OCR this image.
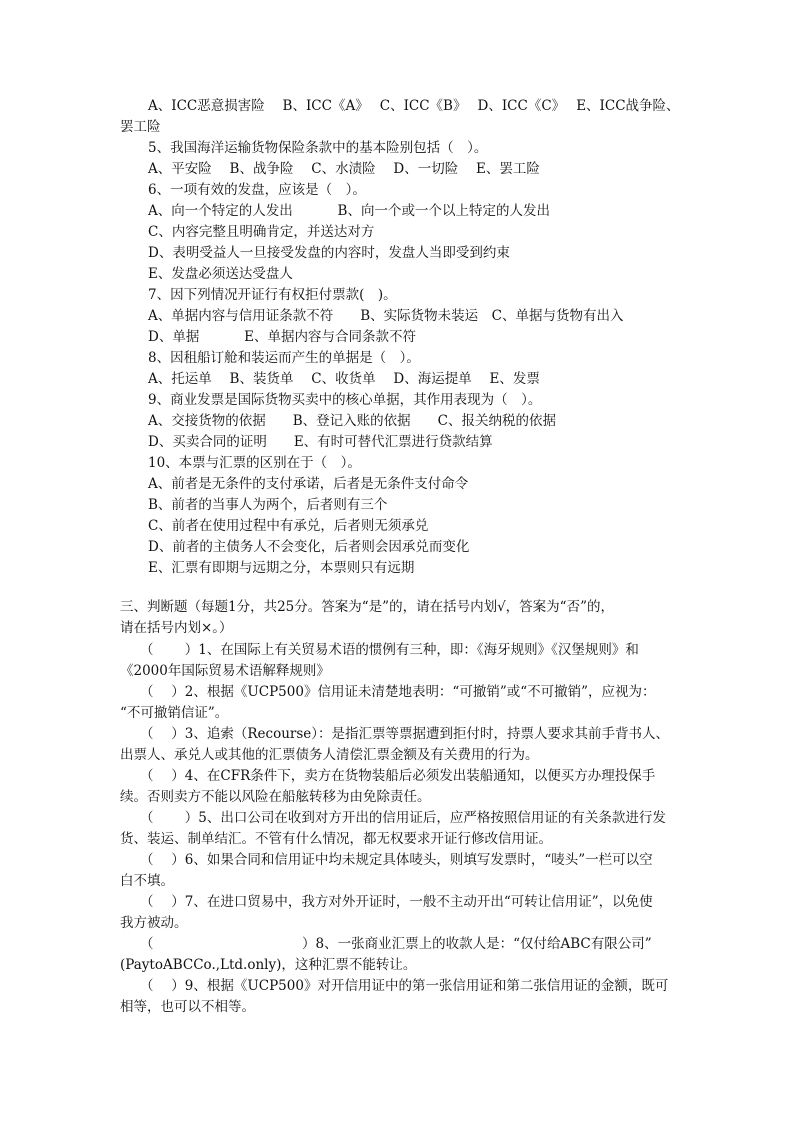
A、ICC恶意损害险　 B、ICC《A》　 C、ICC《B》　 D、ICC《C》　 E、ICC战争险、
罢工险
5、我国海洋运输货物保险条款中的基本险别包括（　）。
A、平安险　 B、战争险　 C、水渍险　 D、一切险　 E、罢工险
6、一项有效的发盘，应该是（　）。
A、向一个特定的人发出　　　 B、向一个或一个以上特定的人发出
C、内容完整且明确肯定，并送达对方
D、表明受益人一旦接受发盘的内容时，发盘人当即受到约束
E、发盘必须送达受盘人
7、因下列情况开证行有权拒付票款(　)。
A、单据内容与信用证条款不符　　B、实际货物未装运　C、单据与货物有出入
D、单据　　　 E、单据内容与合同条款不符
8、因租船订舱和装运而产生的单据是（　）。
A、托运单　 B、装货单　 C、收货单　 D、海运提单　 E、发票
9、商业发票是国际货物买卖中的核心单据，其作用表现为（　）。
A、交接货物的依据　　B、登记入账的依据　　C、报关纳税的依据
D、买卖合同的证明　　E、有时可替代汇票进行贷款结算
10、本票与汇票的区别在于（　）。
A、前者是无条件的支付承诺，后者是无条件支付命令
B、前者的当事人为两个，后者则有三个
C、前者在使用过程中有承兑，后者则无须承兑
D、前者的主债务人不会变化，后者则会因承兑而变化
E、汇票有即期与远期之分，本票则只有远期
三、判断题（每题1分，共25分。答案为“是”的，请在括号内划√，答案为“否”的，
请在括号内划×。）
（　　 ）1、在国际上有关贸易术语的惯例有三种，即：《海牙规则》《汉堡规则》和
《2000年国际贸易术语解释规则》
（　 ）2、根据《UCP500》信用证未清楚地表明：“可撤销”或“不可撤销”，应视为：
“不可撤销信证”。
（　 ）3、追索（Recourse）：是指汇票等票据遭到拒付时，持票人要求其前手背书人、
出票人、承兑人或其他的汇票债务人清偿汇票金额及有关费用的行为。
（　 ）4、在CFR条件下，卖方在货物装船后必须发出装船通知，以便买方办理投保手
续。否则卖方不能以风险在船舷转移为由免除责任。
（　　 ）5、出口公司在收到对方开出的信用证后，应严格按照信用证的有关条款进行发
货、装运、制单结汇。不管有什么情况，都无权要求开证行修改信用证。
（　 ）6、如果合同和信用证中均未规定具体唛头，则填写发票时，“唛头”一栏可以空
白不填。
（　 ）7、在进口贸易中，我方对外开证时，一般不主动开出“可转让信用证”，以免使
我方被动。
（　　　　　　　　　　　）8、一张商业汇票上的收款人是：“仅付给ABC有限公司”
(PaytoABCCo.,Ltd.only)，这种汇票不能转让。
（　 ）9、根据《UCP500》对开信用证中的第一张信用证和第二张信用证的金额，既可
相等，也可以不相等。
